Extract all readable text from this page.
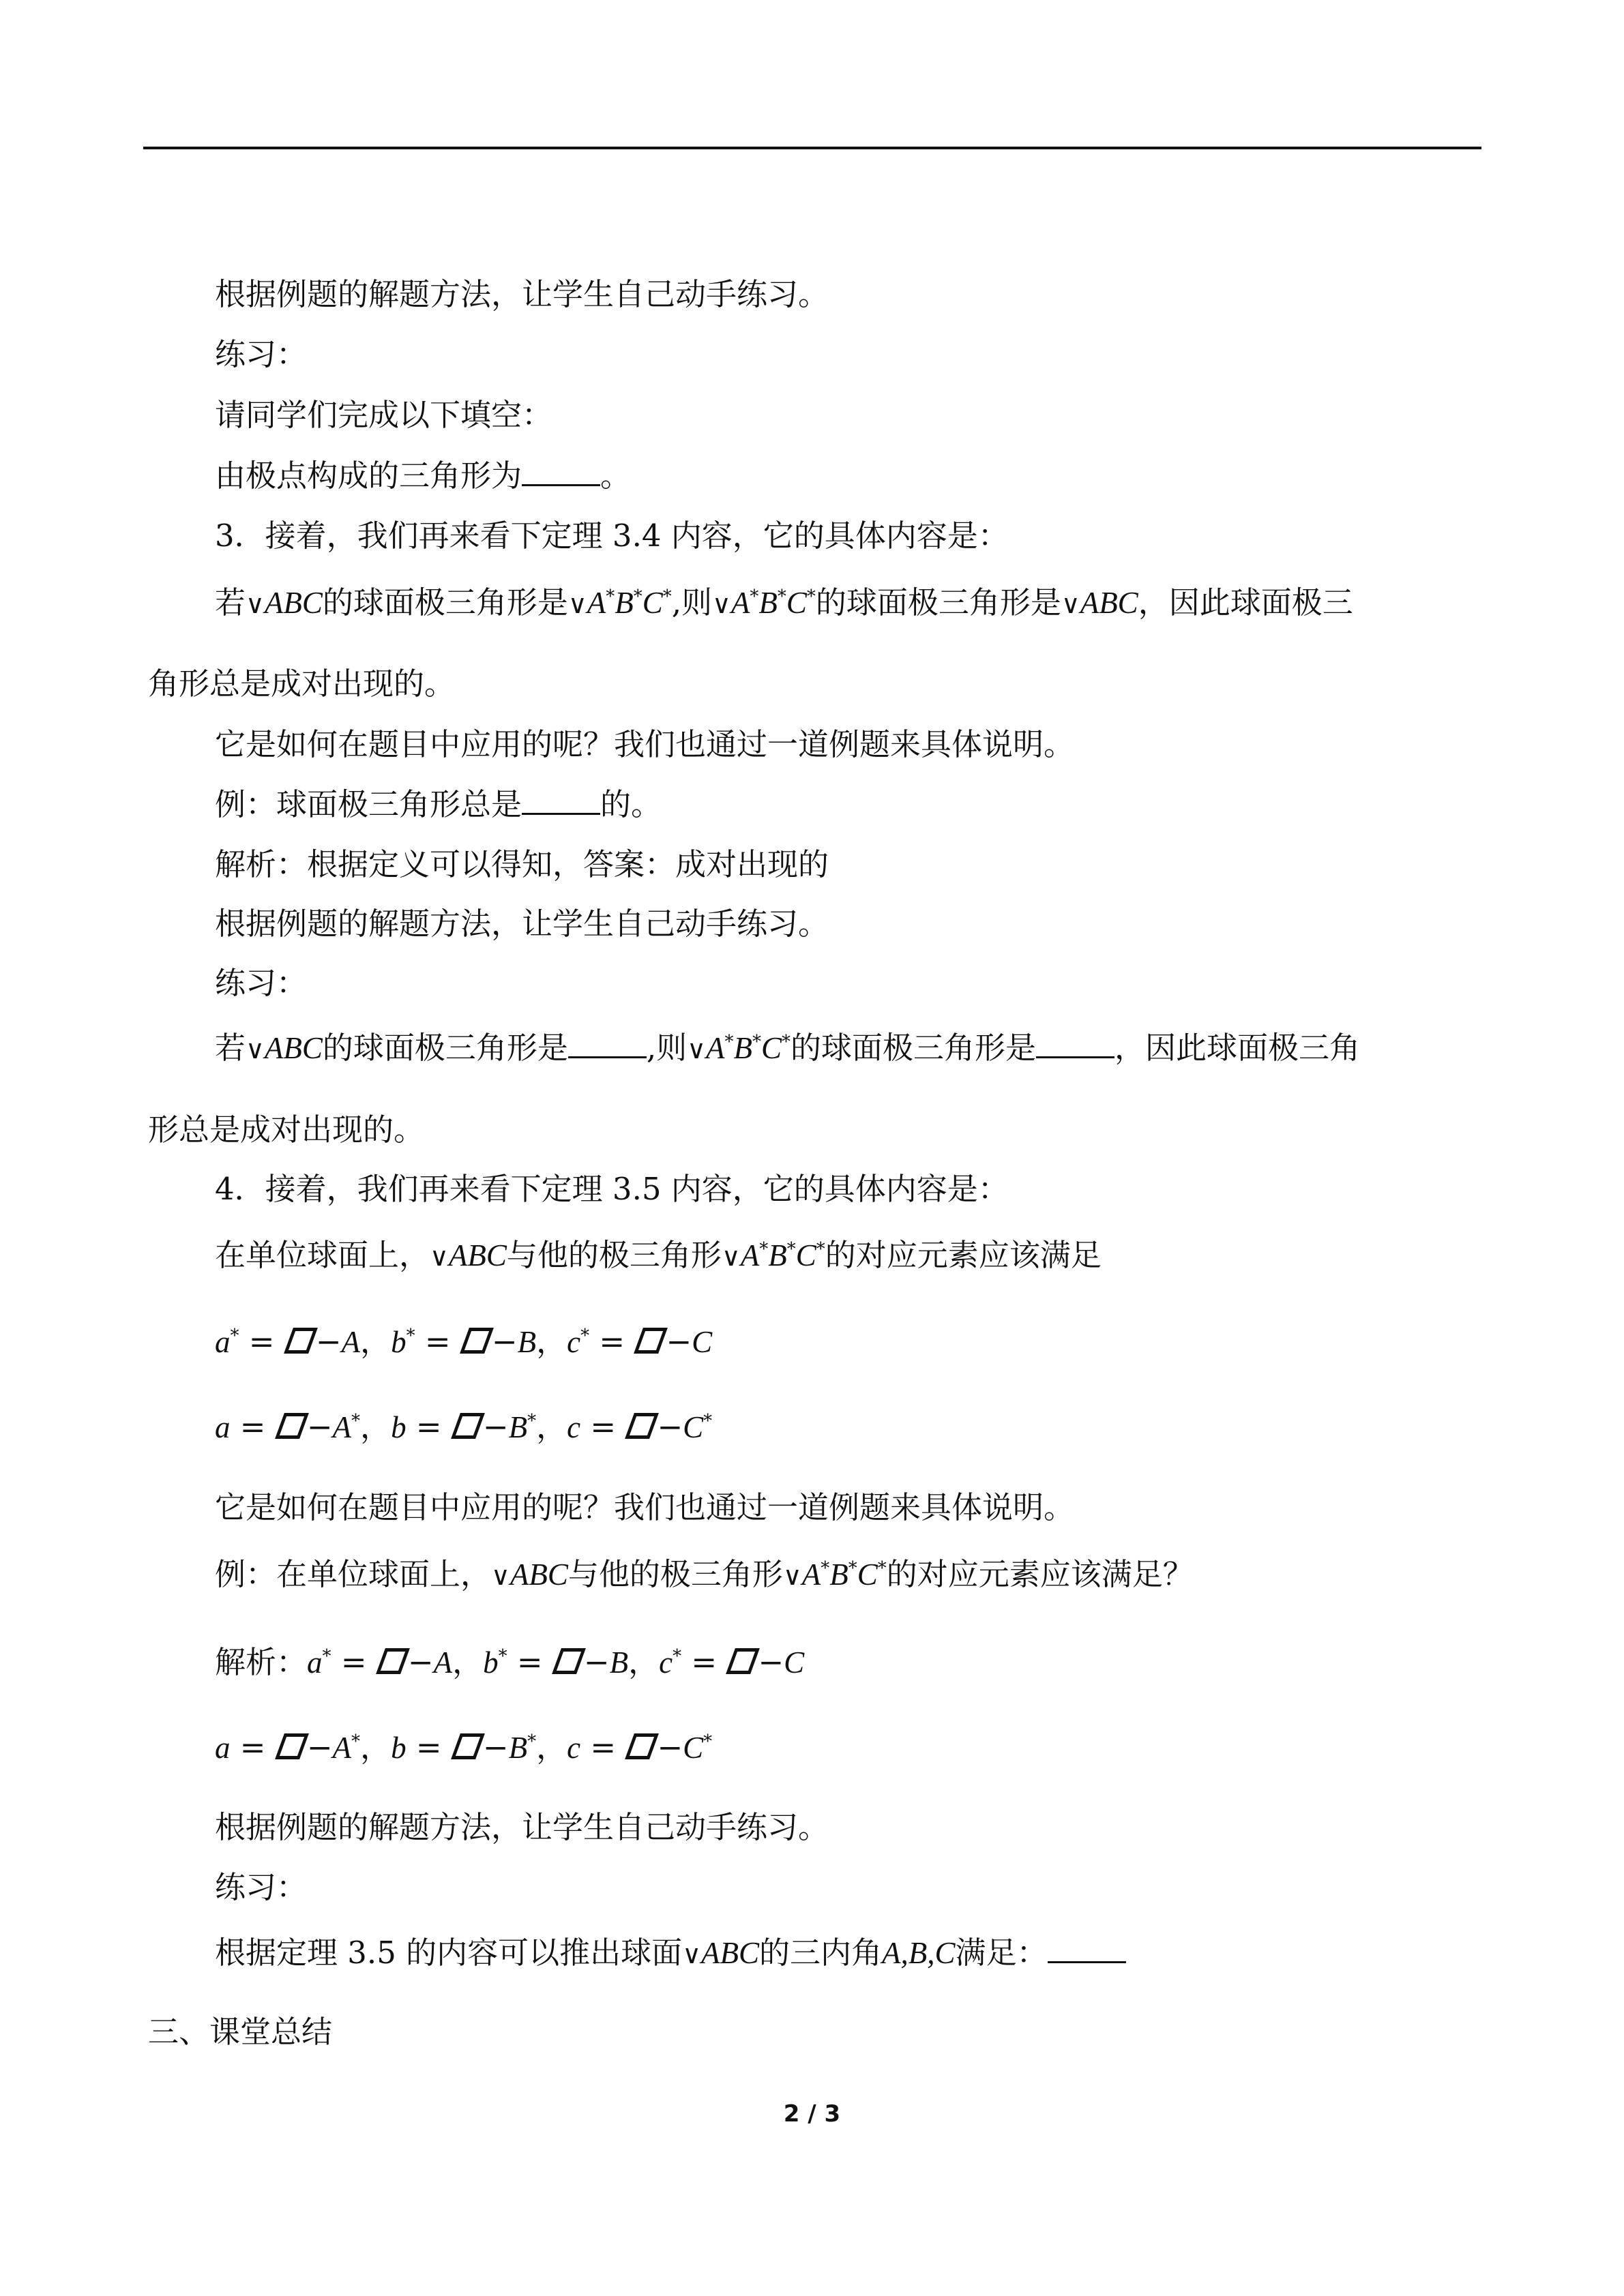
根据例题的解题方法，让学生自己动手练习。
练习：
请同学们完成以下填空：
由极点构成的三角形为	。
3．接着，我们再来看下定理 3.4 内容，它的具体内容是：
若∨ABC的球面极三角形是∨A*B*C*,则∨A*B*C*的球面极三角形是∨ABC，因此球面极三
角形总是成对出现的。
它是如何在题目中应用的呢？我们也通过一道例题来具体说明。
例：球面极三角形总是	的。
解析：根据定义可以得知，答案：成对出现的
根据例题的解题方法，让学生自己动手练习。
练习：
若∨ABC的球面极三角形是	,则∨A*B*C*的球面极三角形是	，因此球面极三角
形总是成对出现的。
4．接着，我们再来看下定理 3.5 内容，它的具体内容是：
在单位球面上，∨ABC与他的极三角形∨A*B*C*的对应元素应该满足
a* = −A，b* = −B，c* = −C
a = −A*，b = −B*，c = −C*
它是如何在题目中应用的呢？我们也通过一道例题来具体说明。
例：在单位球面上，∨ABC与他的极三角形∨A*B*C*的对应元素应该满足？
解析：a* = −A，b* = −B，c* = −C
a = −A*，b = −B*，c = −C*
根据例题的解题方法，让学生自己动手练习。
练习：
根据定理 3.5 的内容可以推出球面∨ABC的三内角A,B,C满足：
三、课堂总结
2 / 3
